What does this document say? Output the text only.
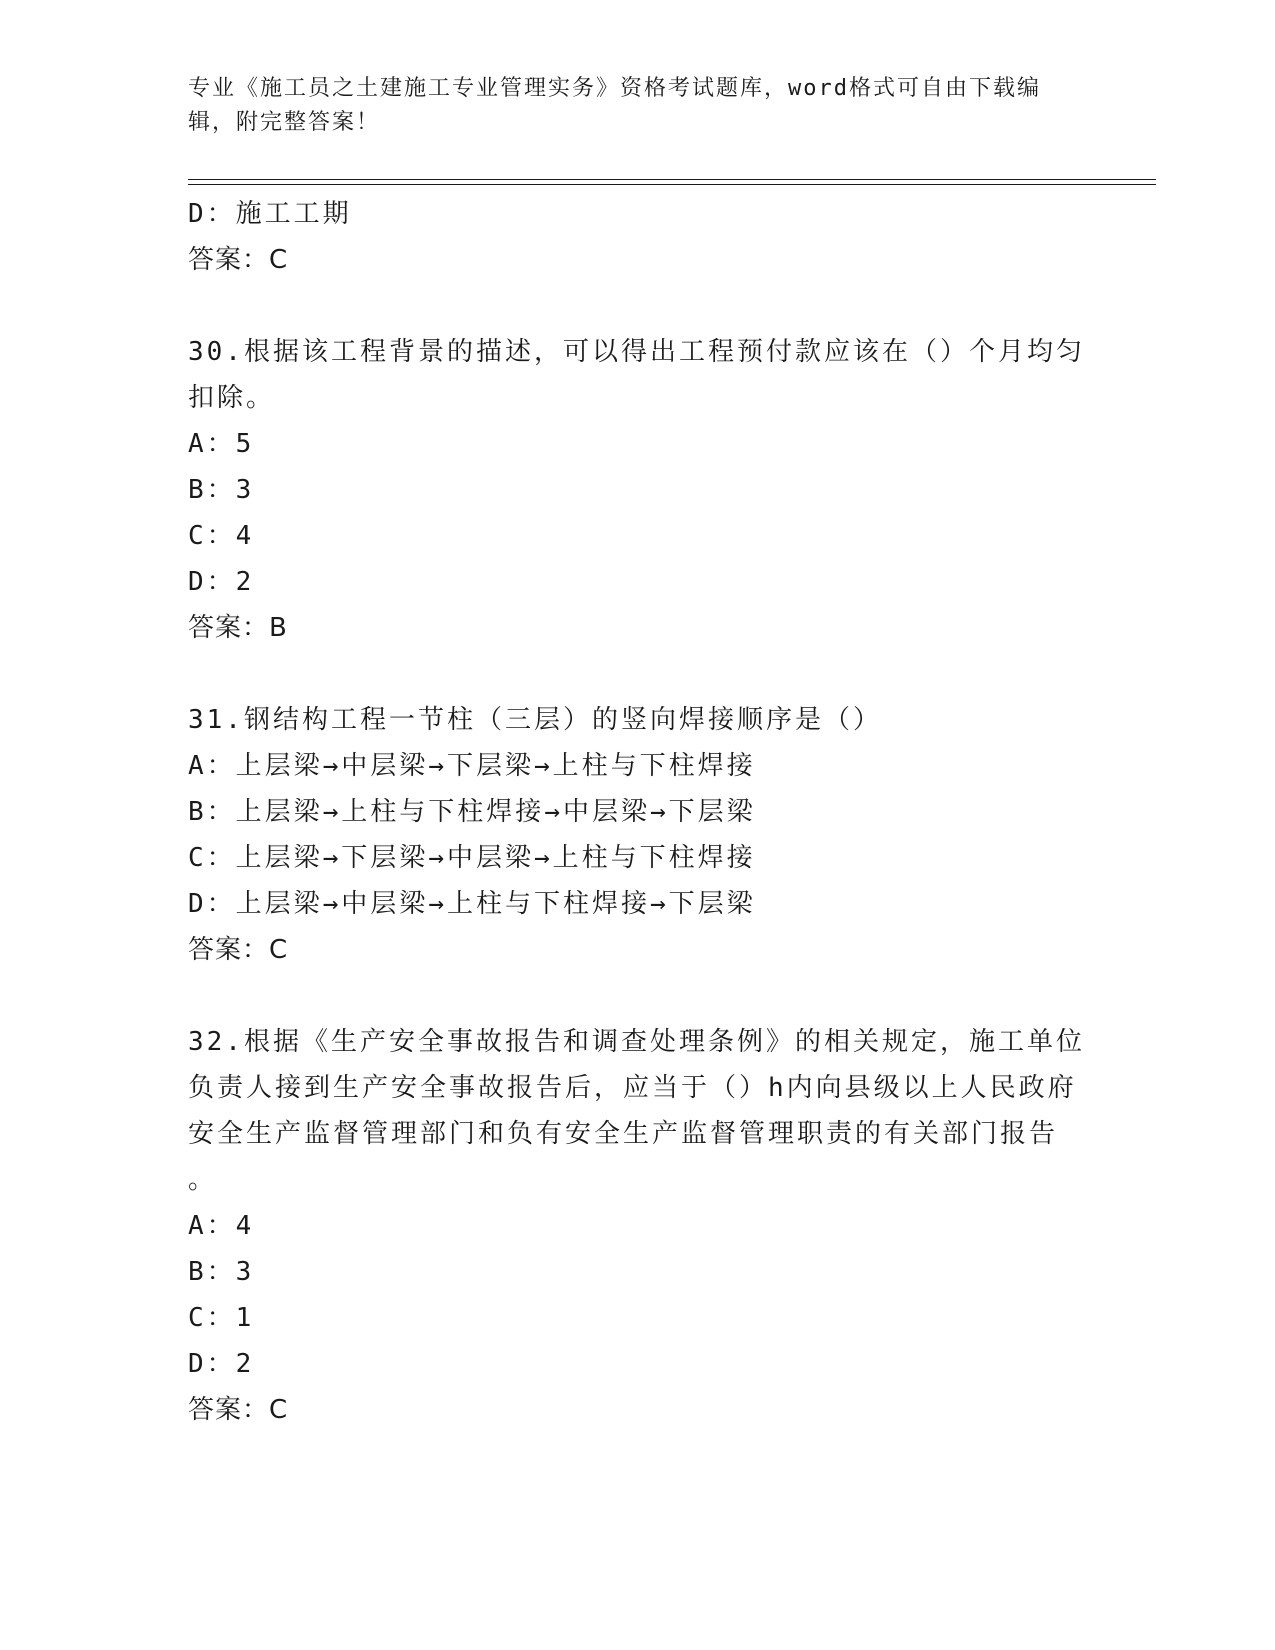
专业《施工员之土建施工专业管理实务》资格考试题库，word格式可自由下载编
辑，附完整答案！
D：施工工期
答案：C
30.根据该工程背景的描述，可以得出工程预付款应该在（）个月均匀
扣除。
A：5
B：3
C：4
D：2
答案：B
31.钢结构工程一节柱（三层）的竖向焊接顺序是（）
A：上层梁→中层梁→下层梁→上柱与下柱焊接
B：上层梁→上柱与下柱焊接→中层梁→下层梁
C：上层梁→下层梁→中层梁→上柱与下柱焊接
D：上层梁→中层梁→上柱与下柱焊接→下层梁
答案：C
32.根据《生产安全事故报告和调查处理条例》的相关规定，施工单位
负责人接到生产安全事故报告后，应当于（）h内向县级以上人民政府
安全生产监督管理部门和负有安全生产监督管理职责的有关部门报告
。
A：4
B：3
C：1
D：2
答案：C
